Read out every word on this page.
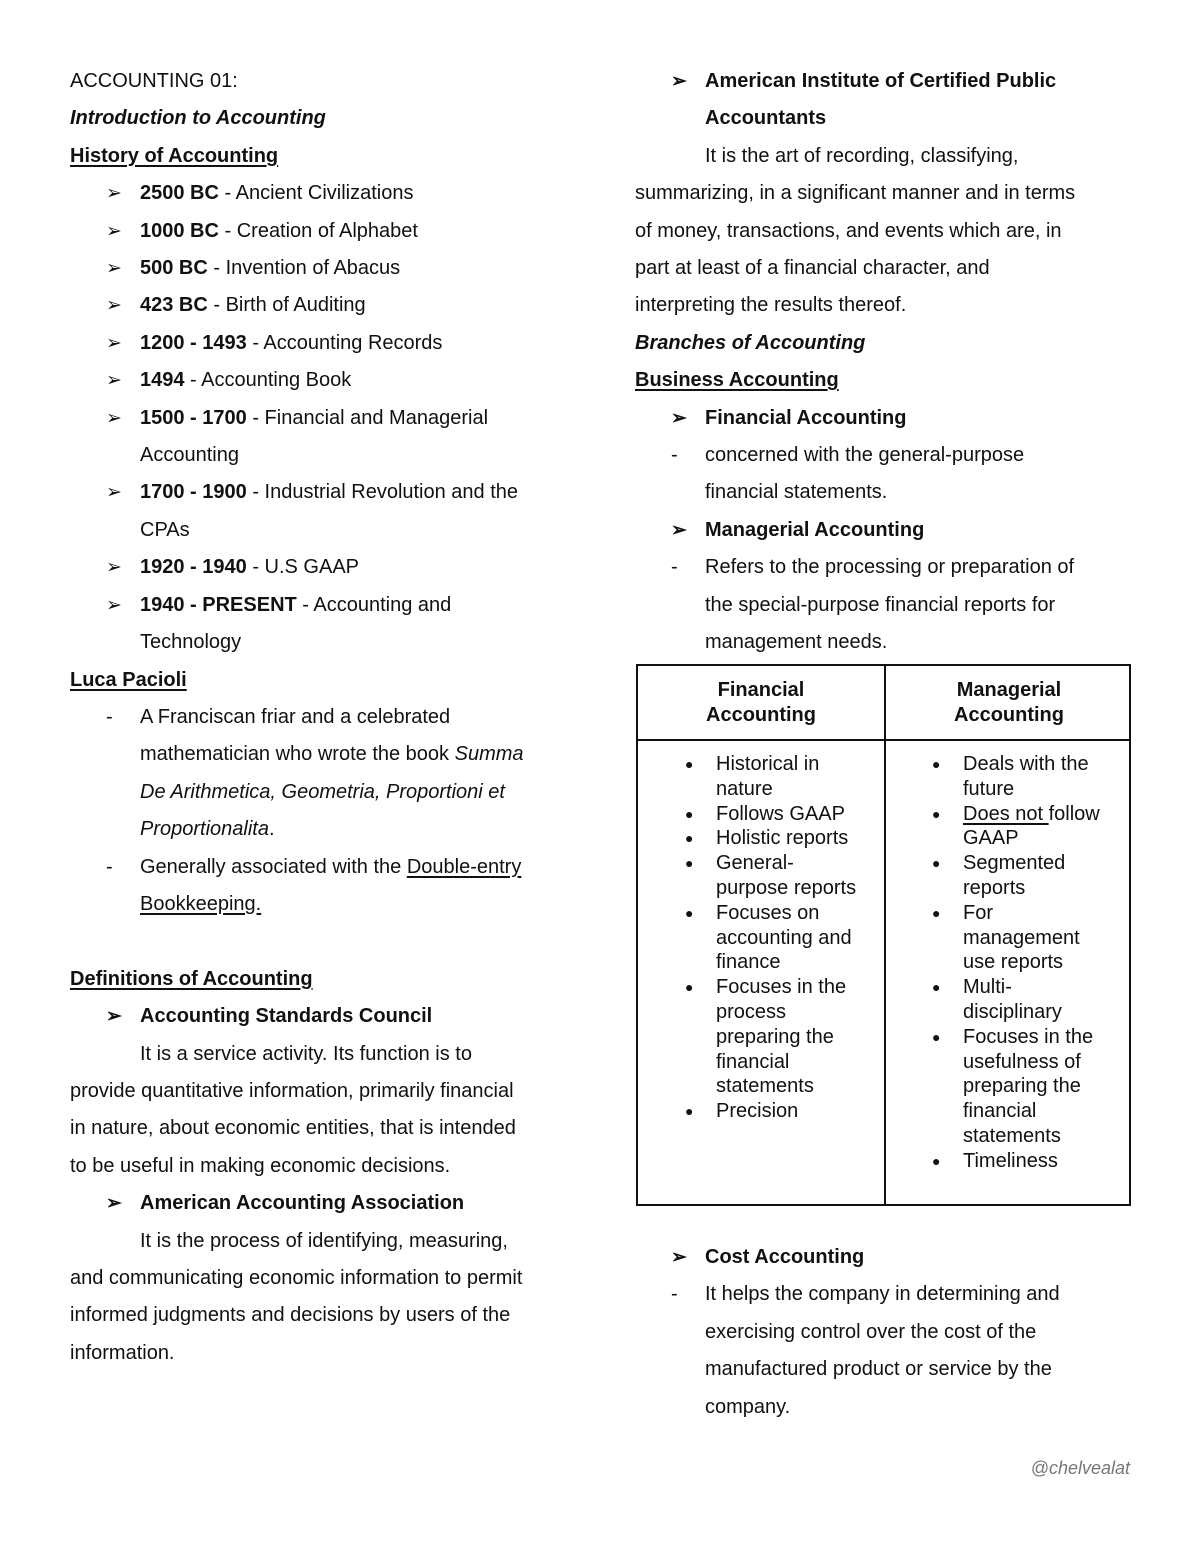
ACCOUNTING 01:
Introduction to Accounting
History of Accounting
➢ 2500 BC - Ancient Civilizations
➢ 1000 BC - Creation of Alphabet
➢ 500 BC - Invention of Abacus
➢ 423 BC - Birth of Auditing
➢ 1200 - 1493 - Accounting Records
➢ 1494 - Accounting Book
➢ 1500 - 1700 - Financial and Managerial
Accounting
➢ 1700 - 1900 - Industrial Revolution and the
CPAs
➢ 1920 - 1940 - U.S GAAP
➢ 1940 - PRESENT - Accounting and
Technology
Luca Pacioli
- A Franciscan friar and a celebrated
mathematician who wrote the book Summa
De Arithmetica, Geometria, Proportioni et
Proportionalita.
- Generally associated with the Double-entry
Bookkeeping.
Definitions of Accounting
➢ Accounting Standards Council
It is a service activity. Its function is to
provide quantitative information, primarily financial
in nature, about economic entities, that is intended
to be useful in making economic decisions.
➢ American Accounting Association
It is the process of identifying, measuring,
and communicating economic information to permit
informed judgments and decisions by users of the
information.
➢ American Institute of Certified Public
Accountants
It is the art of recording, classifying,
summarizing, in a significant manner and in terms
of money, transactions, and events which are, in
part at least of a financial character, and
interpreting the results thereof.
Branches of Accounting
Business Accounting
➢ Financial Accounting
- concerned with the general-purpose
financial statements.
➢ Managerial Accounting
- Refers to the processing or preparation of
the special-purpose financial reports for
management needs.
Financial
Accounting
Managerial
Accounting
● Historical in
nature
● Follows GAAP
● Holistic reports
● General-
purpose reports
● Focuses on
accounting and
finance
● Focuses in the
process
preparing the
financial
statements
● Precision
● Deals with the
future
● Does not follow
GAAP
● Segmented
reports
● For
management
use reports
● Multi-
disciplinary
● Focuses in the
usefulness of
preparing the
financial
statements
● Timeliness
➢ Cost Accounting
- It helps the company in determining and
exercising control over the cost of the
manufactured product or service by the
company.
@chelvealat
